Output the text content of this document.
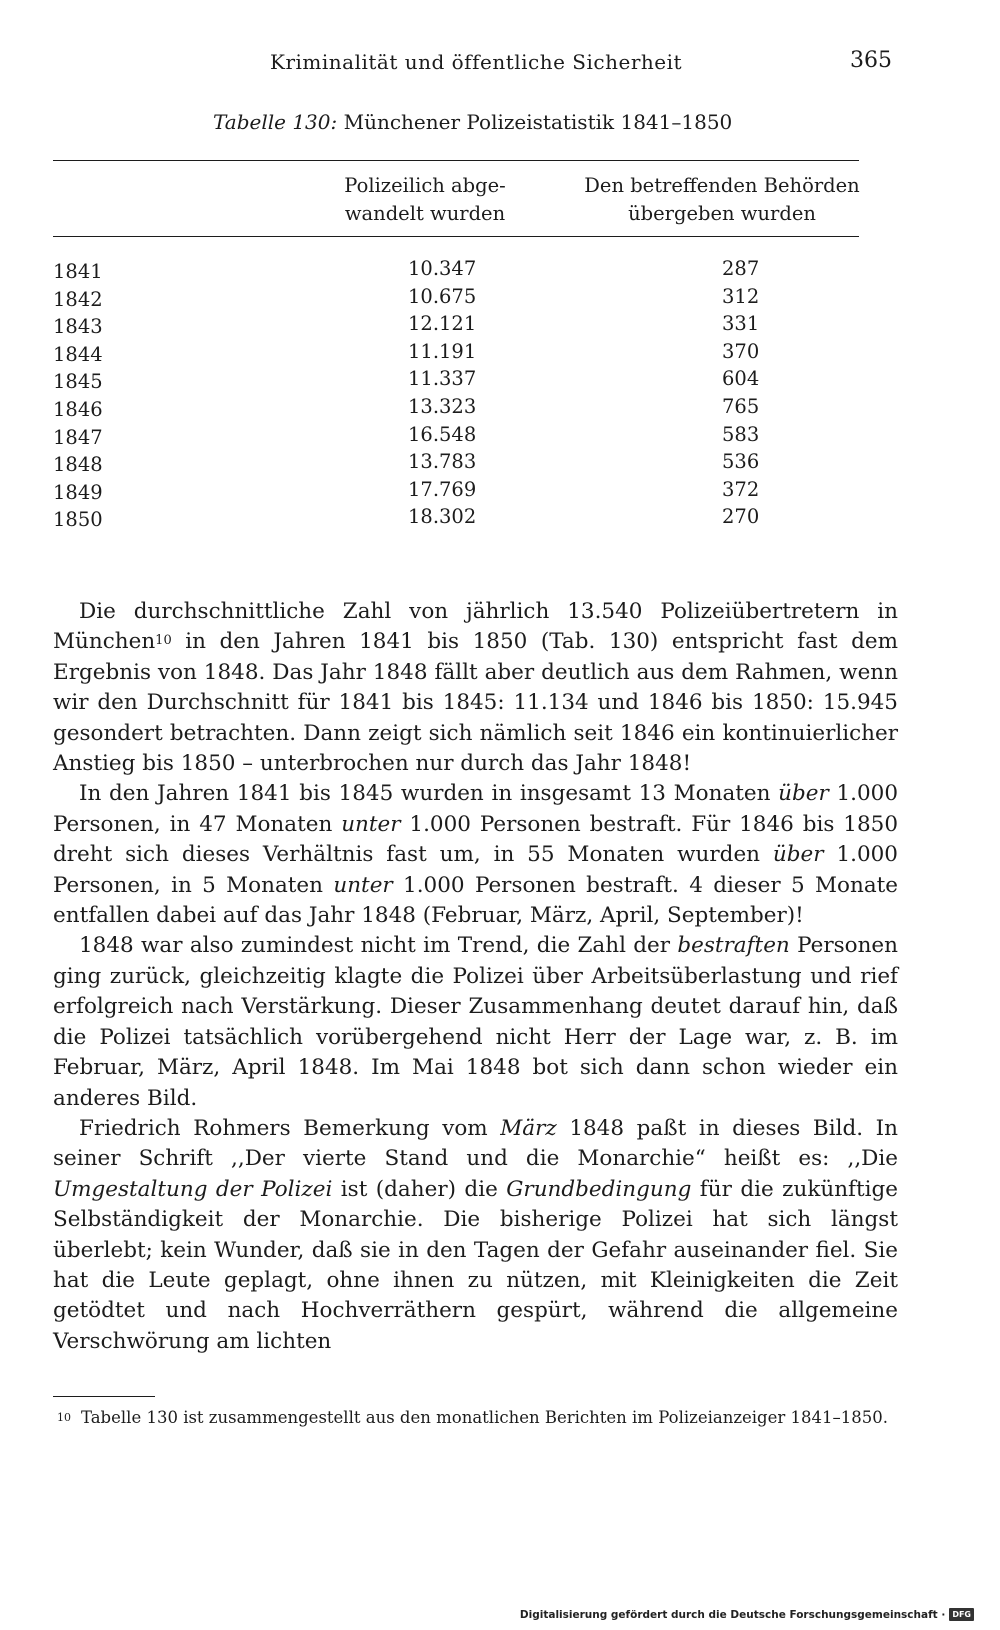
Kriminalität und öffentliche Sicherheit	365
Tabelle 130: Münchener Polizeistatistik 1841–1850
Polizeilich abge-
wandelt wurden
Den betreffenden Behörden
übergeben wurden
1841	10.347	287
1842	10.675	312
1843	12.121	331
1844	11.191	370
1845	11.337	604
1846	13.323	765
1847	16.548	583
1848	13.783	536
1849	17.769	372
1850	18.302	270

Die durchschnittliche Zahl von jährlich 13.540 Polizeiübertretern in München$^{10}$ in den Jahren 1841 bis 1850 (Tab. 130) entspricht fast dem Ergebnis von 1848. Das Jahr 1848 fällt aber deutlich aus dem Rahmen, wenn wir den Durchschnitt für 1841 bis 1845: 11.134 und 1846 bis 1850: 15.945 gesondert betrachten. Dann zeigt sich nämlich seit 1846 ein kontinuierlicher Anstieg bis 1850 – unterbrochen nur durch das Jahr 1848!

In den Jahren 1841 bis 1845 wurden in insgesamt 13 Monaten über 1.000 Personen, in 47 Monaten unter 1.000 Personen bestraft. Für 1846 bis 1850 dreht sich dieses Verhältnis fast um, in 55 Monaten wurden über 1.000 Personen, in 5 Monaten unter 1.000 Personen bestraft. 4 dieser 5 Monate entfallen dabei auf das Jahr 1848 (Februar, März, April, September)!

1848 war also zumindest nicht im Trend, die Zahl der bestraften Personen ging zurück, gleichzeitig klagte die Polizei über Arbeitsüberlastung und rief erfolgreich nach Verstärkung. Dieser Zusammenhang deutet darauf hin, daß die Polizei tatsächlich vorübergehend nicht Herr der Lage war, z. B. im Februar, März, April 1848. Im Mai 1848 bot sich dann schon wieder ein anderes Bild.

Friedrich Rohmers Bemerkung vom März 1848 paßt in dieses Bild. In seiner Schrift ,,Der vierte Stand und die Monarchie“ heißt es: ,,Die Umgestaltung der Polizei ist (daher) die Grundbedingung für die zukünftige Selbständigkeit der Monarchie. Die bisherige Polizei hat sich längst überlebt; kein Wunder, daß sie in den Tagen der Gefahr auseinander fiel. Sie hat die Leute geplagt, ohne ihnen zu nützen, mit Kleinigkeiten die Zeit getödtet und nach Hochverräthern gespürt, während die allgemeine Verschwörung am lichten

$^{10}$ Tabelle 130 ist zusammengestellt aus den monatlichen Berichten im Polizeianzeiger 1841–1850.
Digitalisierung gefördert durch die Deutsche Forschungsgemeinschaft · DFG
